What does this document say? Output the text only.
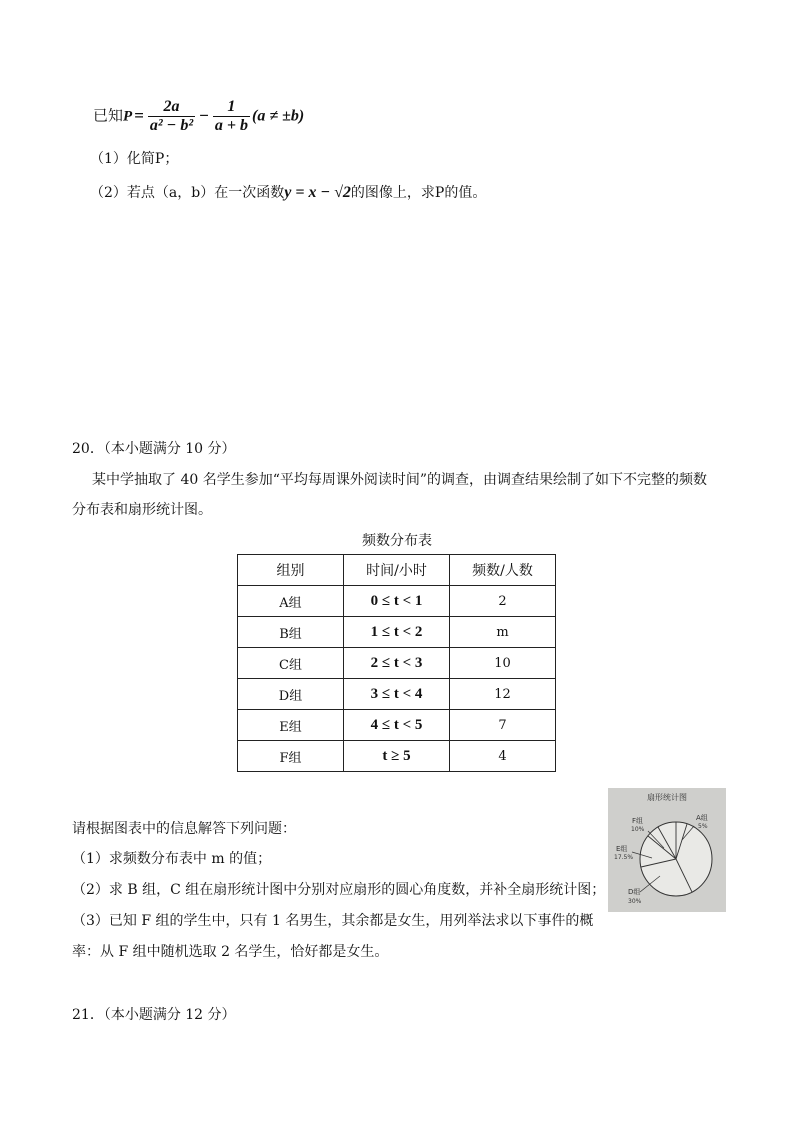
已知$P = \frac{2a}{\text{a² − b²}} - \frac{1}{a + b} (a \ne \pm b)$
（1）化简P；
（2）若点（a，b）在一次函数y = x − √2的图像上，求P的值。
20．（本小题满分 10 分）
某中学抽取了 40 名学生参加“平均每周课外阅读时间”的调查，由调查结果绘制了如下不完整的频数
分布表和扇形统计图。
频数分布表
组别	时间/小时	频数/人数
A组	0 ≤ t < 1	2
B组	1 ≤ t < 2	m
C组	2 ≤ t < 3	10
D组	3 ≤ t < 4	12
E组	4 ≤ t < 5	7
F组	t ≥ 5	4
扇形统计图
F组
10%
A组
5%
E组
17.5%
D组
30%
请根据图表中的信息解答下列问题：
（1）求频数分布表中 m 的值；
（2）求 B 组，C 组在扇形统计图中分别对应扇形的圆心角度数，并补全扇形统计图；
（3）已知 F 组的学生中，只有 1 名男生，其余都是女生，用列举法求以下事件的概
率：从 F 组中随机选取 2 名学生，恰好都是女生。
21．（本小题满分 12 分）
